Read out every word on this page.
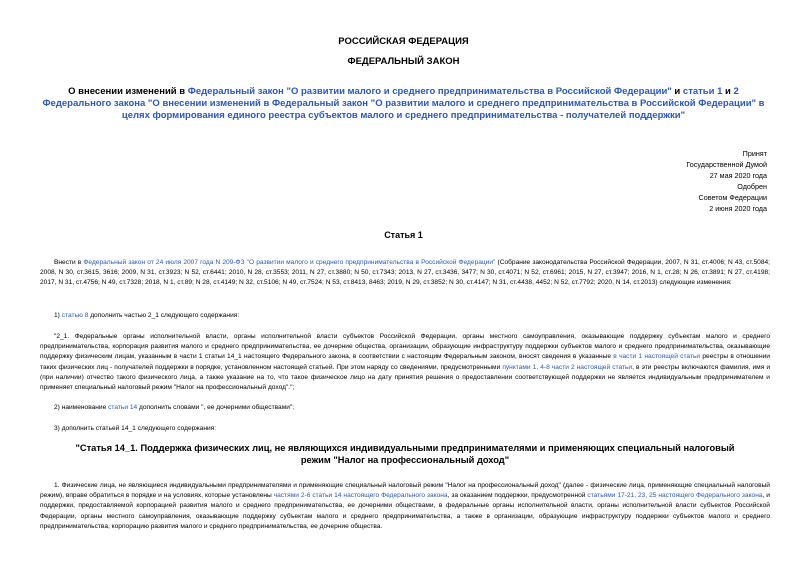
РОССИЙСКАЯ ФЕДЕРАЦИЯ
ФЕДЕРАЛЬНЫЙ ЗАКОН
О внесении изменений в Федеральный закон "О развитии малого и среднего предпринимательства в Российской Федерации" и статьи 1 и 2 Федерального закона "О внесении изменений в Федеральный закон "О развитии малого и среднего предпринимательства в Российской Федерации" в целях формирования единого реестра субъектов малого и среднего предпринимательства - получателей поддержки"
Принят
Государственной Думой
27 мая 2020 года
Одобрен
Советом Федерации
2 июня 2020 года
Статья 1
Внести в Федеральный закон от 24 июля 2007 года N 209-ФЗ "О развитии малого и среднего предпринимательства в Российской Федерации" (Собрание законодательства Российской Федерации, 2007, N 31, ст.4006; N 43, ст.5084; 2008, N 30, ст.3615, 3616; 2009, N 31, ст.3923; N 52, ст.6441; 2010, N 28, ст.3553; 2011, N 27, ст.3880; N 50, ст.7343; 2013, N 27, ст.3436, 3477; N 30, ст.4071; N 52, ст.6961; 2015, N 27, ст.3947; 2016, N 1, ст.28; N 26, ст.3891; N 27, ст.4198; 2017, N 31, ст.4756; N 49, ст.7328; 2018, N 1, ст.89; N 28, ст.4149; N 32, ст.5106; N 49, ст.7524; N 53, ст.8413, 8463; 2019, N 29, ст.3852; N 30, ст.4147; N 31, ст.4438, 4452; N 52, ст.7792; 2020, N 14, ст.2013) следующие изменения:
1) статью 8 дополнить частью 2_1 следующего содержания:
"2_1. Федеральные органы исполнительной власти, органы исполнительной власти субъектов Российской Федерации, органы местного самоуправления, оказывающие поддержку субъектам малого и среднего предпринимательства, корпорация развития малого и среднего предпринимательства, ее дочерние общества, организации, образующие инфраструктуру поддержки субъектов малого и среднего предпринимательства, оказывающие поддержку физическим лицам, указанным в части 1 статьи 14_1 настоящего Федерального закона, в соответствии с настоящим Федеральным законом, вносят сведения в указанные в части 1 настоящей статьи реестры в отношении таких физических лиц - получателей поддержки в порядке, установленном настоящей статьей. При этом наряду со сведениями, предусмотренными пунктами 1, 4-8 части 2 настоящей статьи, в эти реестры включаются фамилия, имя и (при наличии) отчество такого физического лица, а также указание на то, что такое физическое лицо на дату принятия решения о предоставлении соответствующей поддержки не является индивидуальным предпринимателем и применяет специальный налоговый режим "Налог на профессиональный доход".";
2) наименование статьи 14 дополнить словами ", ее дочерними обществами";
3) дополнить статьей 14_1 следующего содержания:
"Статья 14_1. Поддержка физических лиц, не являющихся индивидуальными предпринимателями и применяющих специальный налоговый режим "Налог на профессиональный доход"
1. Физические лица, не являющиеся индивидуальными предпринимателями и применяющие специальный налоговый режим "Налог на профессиональный доход" (далее - физические лица, применяющие специальный налоговый режим), вправе обратиться в порядке и на условиях, которые установлены частями 2-6 статьи 14 настоящего Федерального закона, за оказанием поддержки, предусмотренной статьями 17-21, 23, 25 настоящего Федерального закона, и поддержки, предоставляемой корпорацией развития малого и среднего предпринимательства, ее дочерними обществами, в федеральные органы исполнительной власти, органы исполнительной власти субъектов Российской Федерации, органы местного самоуправления, оказывающие поддержку субъектам малого и среднего предпринимательства, а также в организации, образующие инфраструктуру поддержки субъектов малого и среднего предпринимательства, корпорацию развития малого и среднего предпринимательства, ее дочерние общества.
